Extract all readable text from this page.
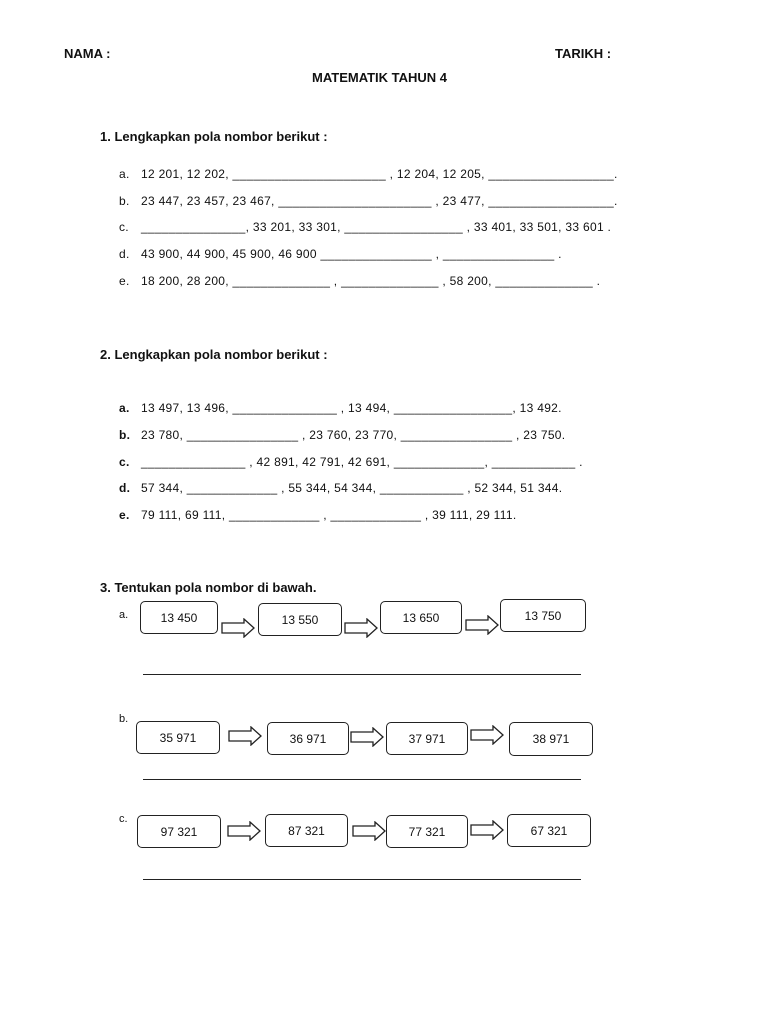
NAMA :	TARIKH :
MATEMATIK TAHUN 4
1. Lengkapkan pola nombor berikut :
a. 12 201, 12 202, ______________________ , 12 204, 12 205, __________________.
b. 23 447, 23 457, 23 467, ______________________ , 23 477, __________________.
c. _______________, 33 201, 33 301, _________________ , 33 401, 33 501, 33 601 .
d. 43 900, 44 900, 45 900, 46 900 ________________ , ________________ .
e. 18 200, 28 200, ______________ , ______________ , 58 200, ______________ .
2. Lengkapkan pola nombor berikut :
a. 13 497, 13 496, _______________ , 13 494, _________________, 13 492.
b. 23 780, ________________ , 23 760, 23 770, ________________ , 23 750.
c. _______________ , 42 891, 42 791, 42 691, _____________, ____________ .
d. 57 344, _____________ , 55 344, 54 344, ____________ , 52 344, 51 344.
e. 79 111, 69 111, _____________ , _____________ , 39 111, 29 111.
3. Tentukan pola nombor di bawah.
a.	13 450	13 550	13 650	13 750
b.
35 971	36 971	37 971	38 971
c.
97 321	87 321	77 321	67 321
